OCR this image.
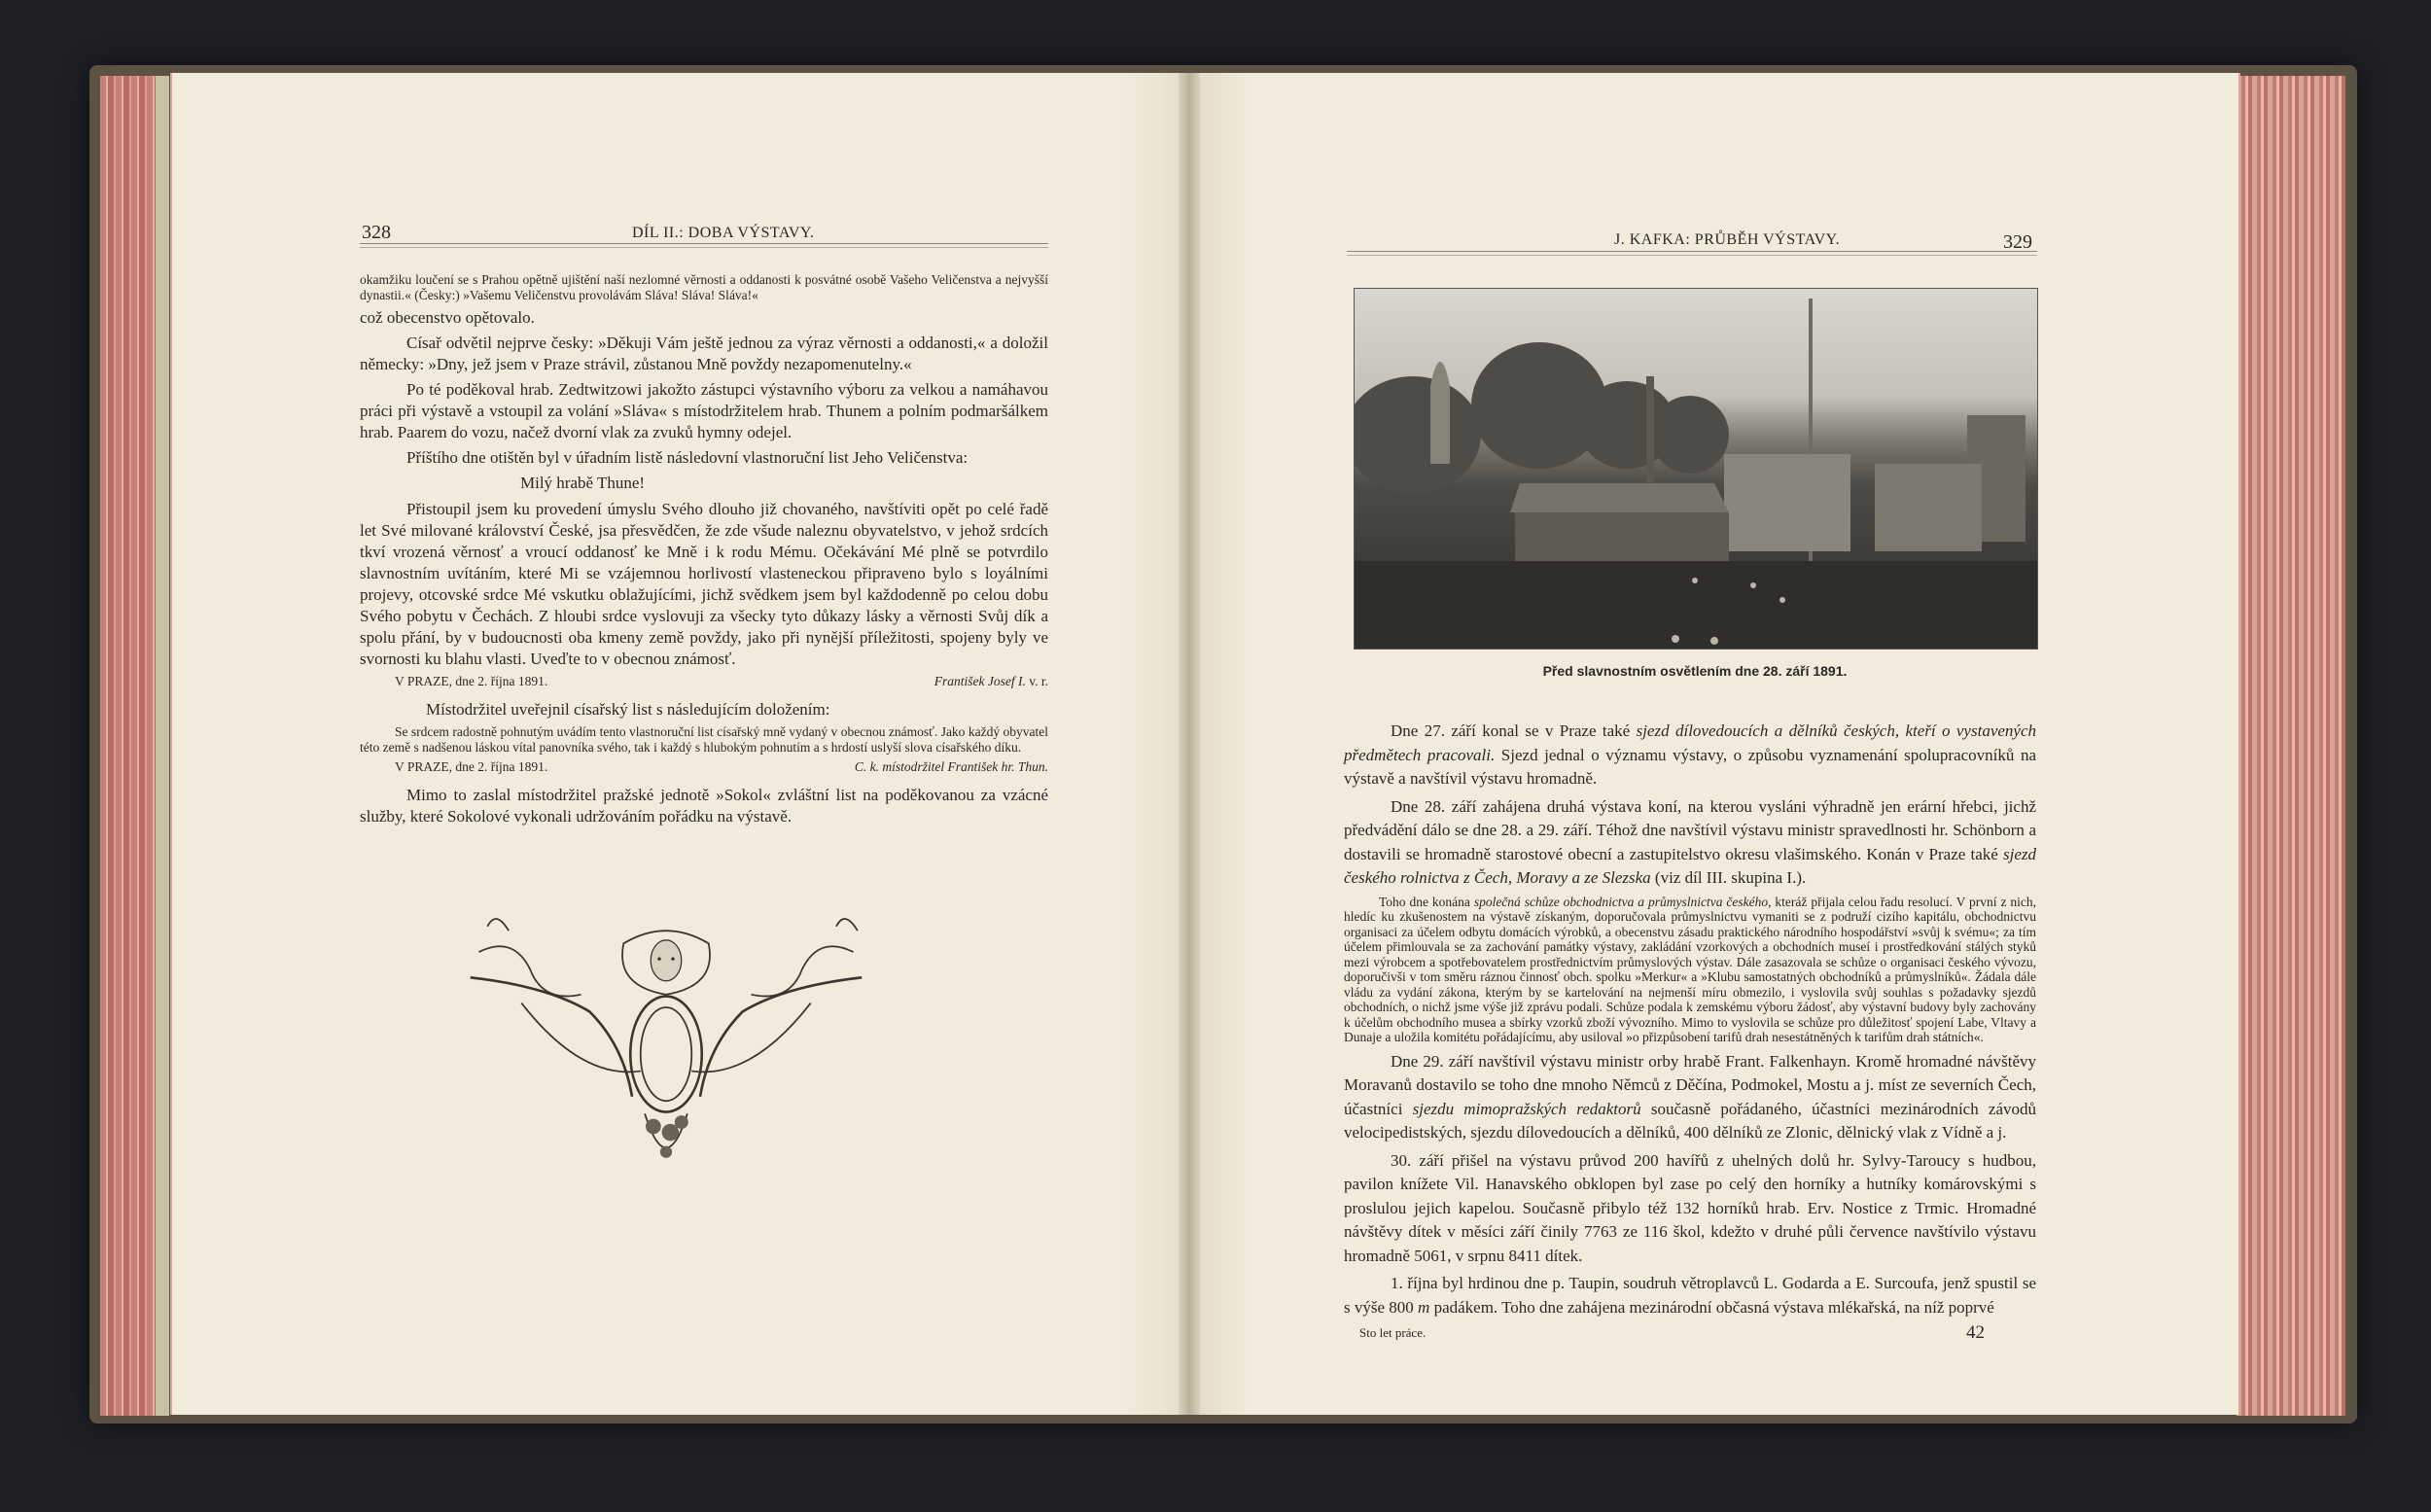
328	DÍL II.: DOBA VÝSTAVY.

okamžiku loučení se s Prahou opětně ujištění naší nezlomné věrnosti a oddanosti k posvátné osobě Vašeho Veličenstva a nejvyšší dynastii.« (Česky:) »Vašemu Veličenstvu provolávám Sláva! Sláva! Sláva!«

což obecenstvo opětovalo.

Císař odvětil nejprve česky: »Děkuji Vám ještě jednou za výraz věrnosti a oddanosti,« a doložil německy: »Dny, jež jsem v Praze strávil, zůstanou Mně povždy nezapomenutelny.«

Po té poděkoval hrab. Zedtwitzowi jakožto zástupci výstavního výboru za velkou a namáhavou práci při výstavě a vstoupil za volání »Sláva« s místodržitelem hrab. Thunem a polním podmaršálkem hrab. Paarem do vozu, načež dvorní vlak za zvuků hymny odejel.

Příštího dne otištěn byl v úřadním listě následovní vlastnoruční list Jeho Veličenstva:

Milý hrabě Thune!

Přistoupil jsem ku provedení úmyslu Svého dlouho již chovaného, navštíviti opět po celé řadě let Své milované království České, jsa přesvědčen, že zde všude naleznu obyvatelstvo, v jehož srdcích tkví vrozená věrnosť a vroucí oddanosť ke Mně i k rodu Mému. Očekávání Mé plně se potvrdilo slavnostním uvítáním, které Mi se vzájemnou horlivostí vlasteneckou připraveno bylo s loyálními projevy, otcovské srdce Mé vskutku oblažujícími, jichž svědkem jsem byl každodenně po celou dobu Svého pobytu v Čechách. Z hloubi srdce vyslovuji za všecky tyto důkazy lásky a věrnosti Svůj dík a spolu přání, by v budoucnosti oba kmeny země povždy, jako při nynější příležitosti, spojeny byly ve svornosti ku blahu vlasti. Uveďte to v obecnou známosť.

V PRAZE, dne 2. října 1891.	František Josef I. v. r.

Místodržitel uveřejnil císařský list s následujícím doložením:

Se srdcem radostně pohnutým uvádím tento vlastnoruční list císařský mně vydaný v obecnou známosť. Jako každý obyvatel této země s nadšenou láskou vítal panovníka svého, tak i každý s hlubokým pohnutím a s hrdostí uslyší slova císařského díku.

V PRAZE, dne 2. října 1891.	C. k. místodržitel František hr. Thun.

Mimo to zaslal místodržitel pražské jednotě »Sokol« zvláštní list na poděkovanou za vzácné služby, které Sokolové vykonali udržováním pořádku na výstavě.

J. KAFKA: PRŮBĚH VÝSTAVY.	329
Před slavnostním osvětlením dne 28. září 1891.

Dne 27. září konal se v Praze také sjezd dílovedoucích a dělníků českých, kteří o vystavených předmětech pracovali. Sjezd jednal o významu výstavy, o způsobu vyznamenání spolupracovníků na výstavě a navštívil výstavu hromadně.

Dne 28. září zahájena druhá výstava koní, na kterou vysláni výhradně jen erární hřebci, jichž předvádění dálo se dne 28. a 29. září. Téhož dne navštívil výstavu ministr spravedlnosti hr. Schönborn a dostavili se hromadně starostové obecní a zastupitelstvo okresu vlašimského. Konán v Praze také sjezd českého rolnictva z Čech, Moravy a ze Slezska (viz díl III. skupina I.).

Toho dne konána společná schůze obchodnictva a průmyslnictva českého, kteráž přijala celou řadu resolucí. V první z nich, hledíc ku zkušenostem na výstavě získaným, doporučovala průmyslnictvu vymaniti se z podruží cizího kapitálu, obchodnictvu organisaci za účelem odbytu domácích výrobků, a obecenstvu zásadu praktického národního hospodářství »svůj k svému«; za tím účelem přimlouvala se za zachování památky výstavy, zakládání vzorkových a obchodních museí i prostředkování stálých styků mezi výrobcem a spotřebovatelem prostřednictvím průmyslových výstav. Dále zasazovala se schůze o organisaci českého vývozu, doporučivši v tom směru ráznou činnosť obch. spolku »Merkur« a »Klubu samostatných obchodníků a průmyslníků«. Žádala dále vládu za vydání zákona, kterým by se kartelování na nejmenší míru obmezilo, i vyslovila svůj souhlas s požadavky sjezdů obchodních, o nichž jsme výše již zprávu podali. Schůze podala k zemskému výboru žádosť, aby výstavní budovy byly zachovány k účelům obchodního musea a sbírky vzorků zboží vývozního. Mimo to vyslovila se schůze pro důležitosť spojení Labe, Vltavy a Dunaje a uložila komitétu pořádajícímu, aby usiloval »o přizpůsobení tarifů drah nesestátněných k tarifům drah státních«.

Dne 29. září navštívil výstavu ministr orby hrabě Frant. Falkenhayn. Kromě hromadné návštěvy Moravanů dostavilo se toho dne mnoho Němců z Děčína, Podmokel, Mostu a j. míst ze severních Čech, účastníci sjezdu mimopražských redaktorů současně pořádaného, účastníci mezinárodních závodů velocipedistských, sjezdu dílovedoucích a dělníků, 400 dělníků ze Zlonic, dělnický vlak z Vídně a j.

30. září přišel na výstavu průvod 200 havířů z uhelných dolů hr. Sylvy-Taroucy s hudbou, pavilon knížete Vil. Hanavského obklopen byl zase po celý den horníky a hutníky komárovskými s proslulou jejich kapelou. Současně přibylo též 132 horníků hrab. Erv. Nostice z Trmic. Hromadné návštěvy dítek v měsíci září činily 7763 ze 116 škol, kdežto v druhé půli července navštívilo výstavu hromadně 5061, v srpnu 8411 dítek.

1. října byl hrdinou dne p. Taupin, soudruh větroplavců L. Godarda a E. Surcoufa, jenž spustil se s výše 800 m padákem. Toho dne zahájena mezinárodní občasná výstava mlékařská, na níž poprvé

Sto let práce.	42
